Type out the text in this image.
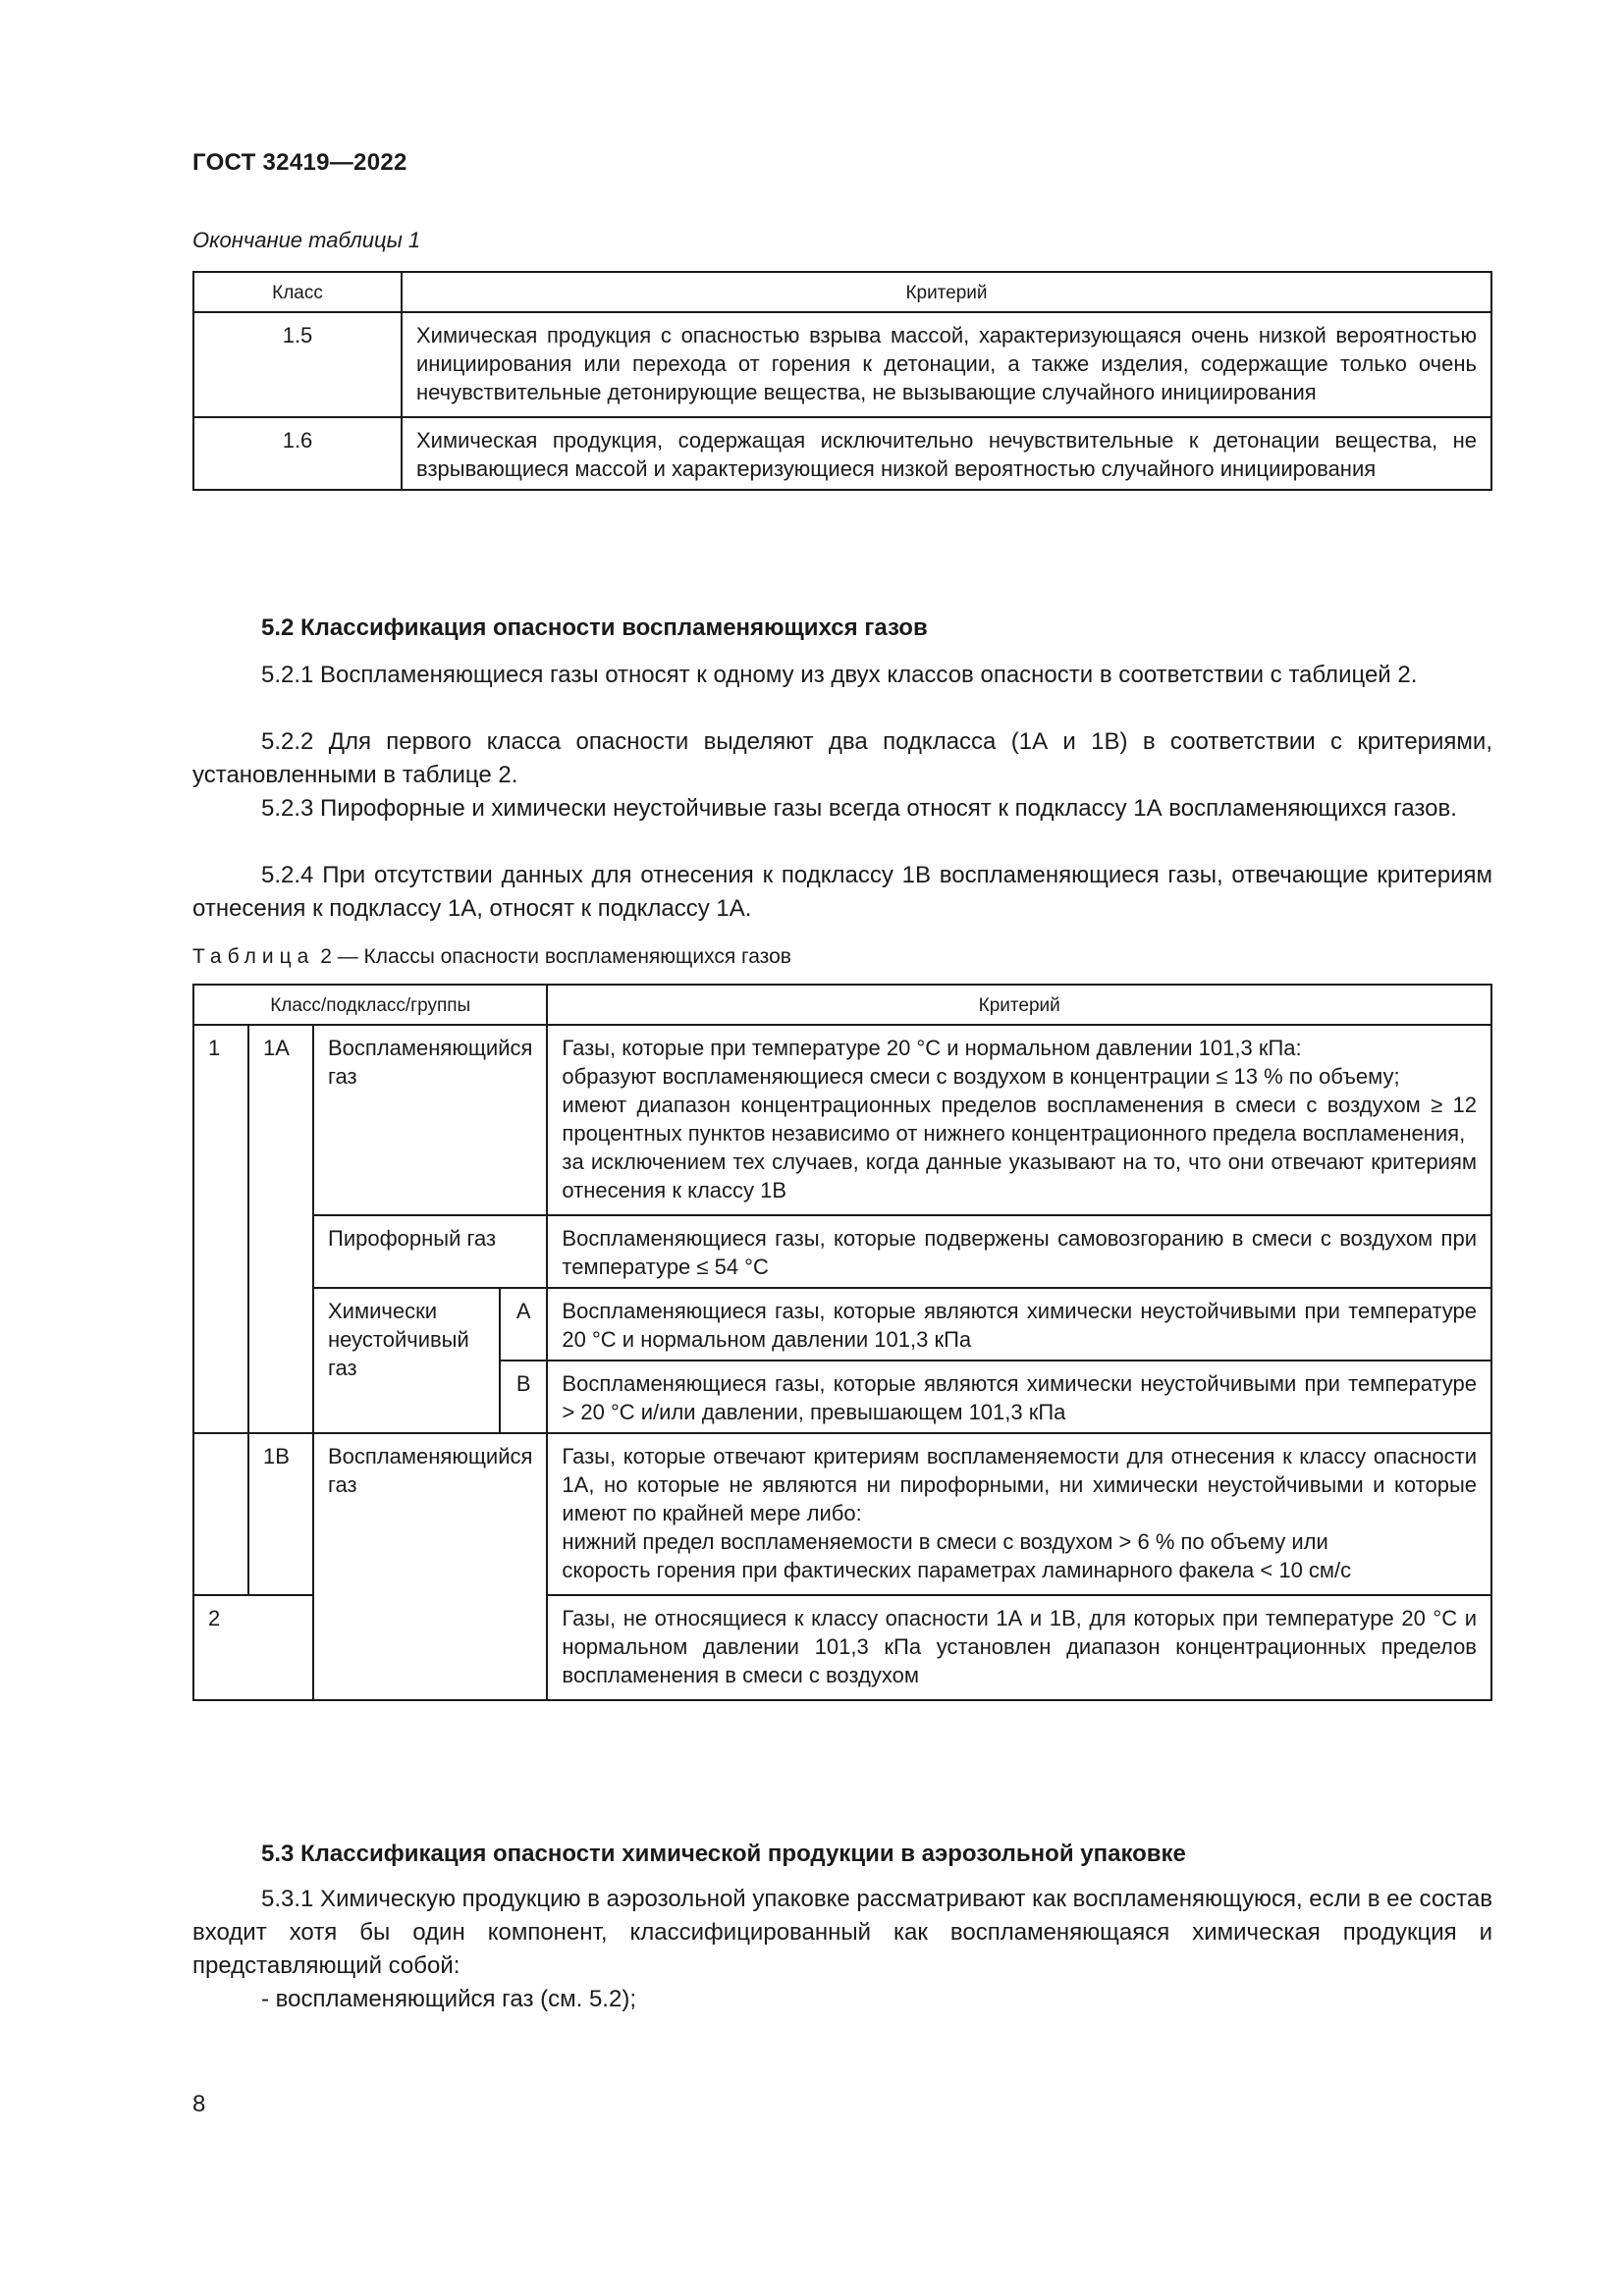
ГОСТ 32419—2022
Окончание таблицы 1
Класс	Критерий
1.5	Химическая продукция с опасностью взрыва массой, характеризующаяся очень низкой вероятностью инициирования или перехода от горения к детонации, а также изделия, содержащие только очень нечувствительные детонирующие вещества, не вызывающие случайного инициирования
1.6	Химическая продукция, содержащая исключительно нечувствительные к детонации вещества, не взрывающиеся массой и характеризующиеся низкой вероятностью случайного инициирования
5.2 Классификация опасности воспламеняющихся газов
5.2.1 Воспламеняющиеся газы относят к одному из двух классов опасности в соответствии с таблицей 2.
5.2.2 Для первого класса опасности выделяют два подкласса (1А и 1В) в соответствии с критериями, установленными в таблице 2.
5.2.3 Пирофорные и химически неустойчивые газы всегда относят к подклассу 1А воспламеняющихся газов.
5.2.4 При отсутствии данных для отнесения к подклассу 1В воспламеняющиеся газы, отвечающие критериям отнесения к подклассу 1А, относят к подклассу 1А.
Таблица 2 — Классы опасности воспламеняющихся газов
Класс/подкласс/группы				Критерий
1	1А	Воспламеняющийся газ		Газы, которые при температуре 20 °С и нормальном давлении 101,3 кПа:
образуют воспламеняющиеся смеси с воздухом в концентрации ≤ 13 % по объему;
имеют диапазон концентрационных пределов воспламенения в смеси с воздухом ≥ 12 процентных пунктов независимо от нижнего концентрационного предела воспламенения,
за исключением тех случаев, когда данные указывают на то, что они отвечают критериям отнесения к классу 1В

		Пирофорный газ		Воспламеняющиеся газы, которые подвержены самовозгоранию в смеси с воздухом при температуре ≤ 54 °С
		Химически неустойчивый газ	А	Воспламеняющиеся газы, которые являются химически неустойчивыми при температуре 20 °С и нормальном давлении 101,3 кПа
			В	Воспламеняющиеся газы, которые являются химически неустойчивыми при температуре > 20 °С и/или давлении, превышающем 101,3 кПа
	1В	Воспламеняющийся газ		Газы, которые отвечают критериям воспламеняемости для отнесения к классу опасности 1А, но которые не являются ни пирофорными, ни химически неустойчивыми и которые имеют по крайней мере либо:
нижний предел воспламеняемости в смеси с воздухом > 6 % по объему или
скорость горения при фактических параметрах ламинарного факела < 10 см/с

2				Газы, не относящиеся к классу опасности 1А и 1В, для которых при температуре 20 °С и нормальном давлении 101,3 кПа установлен диапазон концентрационных пределов воспламенения в смеси с воздухом
5.3 Классификация опасности химической продукции в аэрозольной упаковке
5.3.1 Химическую продукцию в аэрозольной упаковке рассматривают как воспламеняющуюся, если в ее состав входит хотя бы один компонент, классифицированный как воспламеняющаяся химическая продукция и представляющий собой:
- воспламеняющийся газ (см. 5.2);
8
